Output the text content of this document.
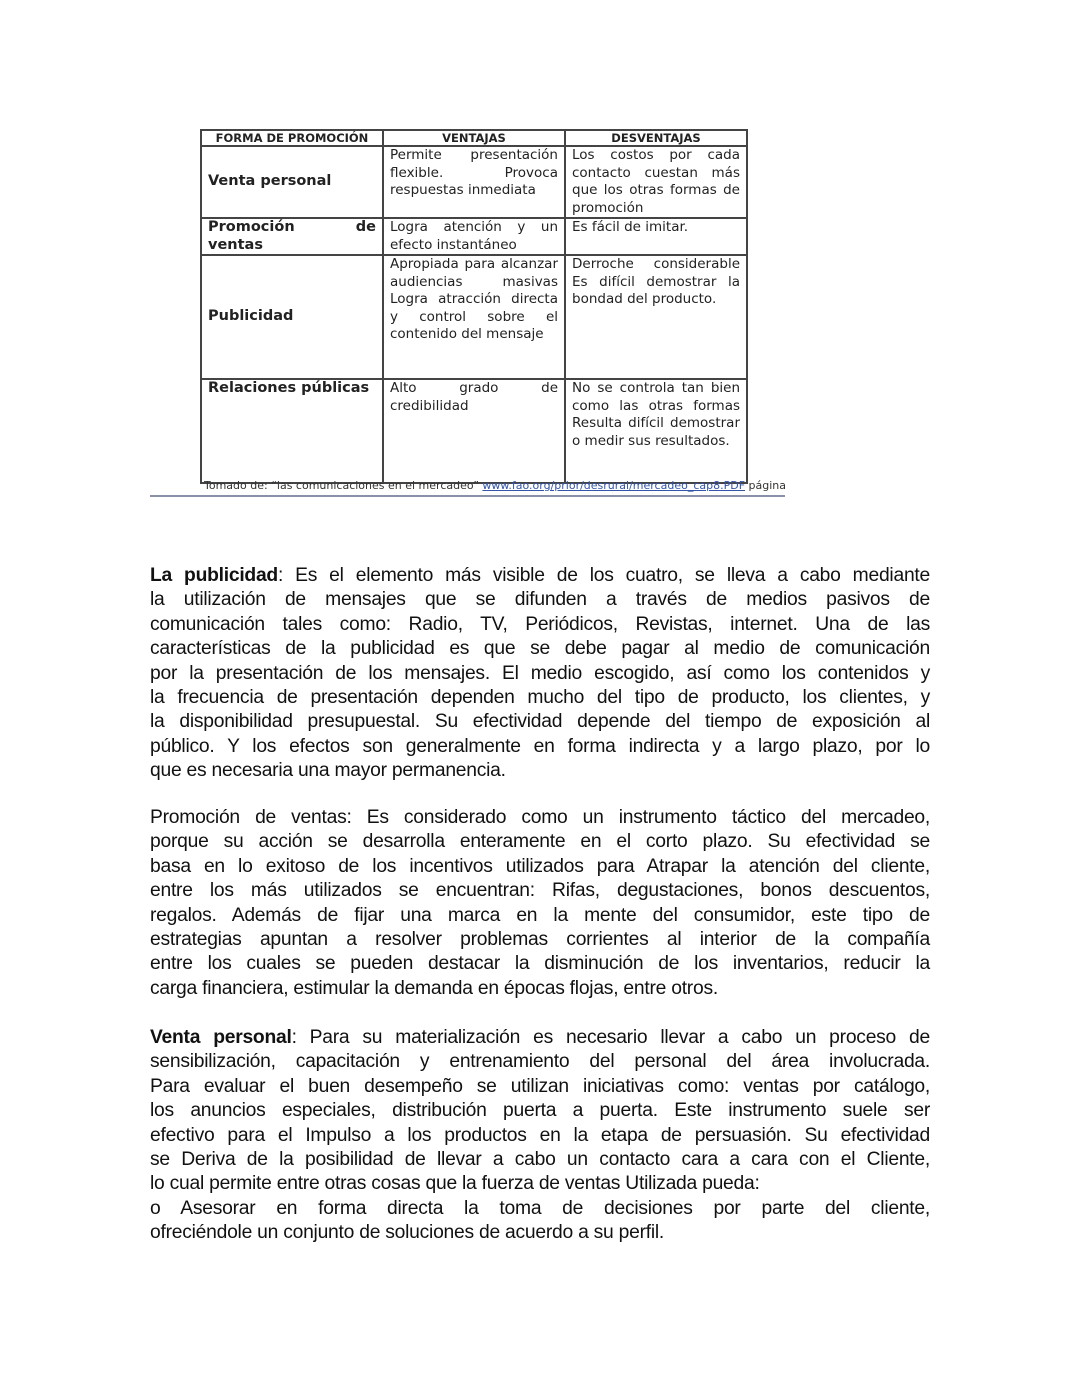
FORMA DE PROMOCIÓN	VENTAJAS	DESVENTAJAS
Venta personal	Permite presentación flexible. Provoca respuestas inmediata	Los costos por cada contacto cuestan más que los otras formas de promoción
Promoción de ventas	Logra atención y un efecto instantáneo	Es fácil de imitar.
Publicidad	Apropiada para alcanzar audiencias masivas Logra atracción directa y control sobre el contenido del mensaje	Derroche considerable Es difícil demostrar la bondad del producto.
Relaciones públicas	Alto grado de credibilidad	No se controla tan bien como las otras formas Resulta difícil demostrar o medir sus resultados.
Tomado de: “las comunicaciones en el mercadeo” www.fao.org/prior/desrural/mercadeo_cap8.PDF página
La publicidad: Es el elemento más visible de los cuatro, se lleva a cabo mediante
la utilización de mensajes que se difunden a través de medios pasivos de
comunicación tales como: Radio, TV, Periódicos, Revistas, internet. Una de las
características de la publicidad es que se debe pagar al medio de comunicación
por la presentación de los mensajes. El medio escogido, así como los contenidos y
la frecuencia de presentación dependen mucho del tipo de producto, los clientes, y
la disponibilidad presupuestal. Su efectividad depende del tiempo de exposición al
público. Y los efectos son generalmente en forma indirecta y a largo plazo, por lo
que es necesaria una mayor permanencia.
Promoción de ventas: Es considerado como un instrumento táctico del mercadeo,
porque su acción se desarrolla enteramente en el corto plazo. Su efectividad se
basa en lo exitoso de los incentivos utilizados para Atrapar la atención del cliente,
entre los más utilizados se encuentran: Rifas, degustaciones, bonos descuentos,
regalos. Además de fijar una marca en la mente del consumidor, este tipo de
estrategias apuntan a resolver problemas corrientes al interior de la compañía
entre los cuales se pueden destacar la disminución de los inventarios, reducir la
carga financiera, estimular la demanda en épocas flojas, entre otros.
Venta personal: Para su materialización es necesario llevar a cabo un proceso de
sensibilización, capacitación y entrenamiento del personal del área involucrada.
Para evaluar el buen desempeño se utilizan iniciativas como: ventas por catálogo,
los anuncios especiales, distribución puerta a puerta. Este instrumento suele ser
efectivo para el Impulso a los productos en la etapa de persuasión. Su efectividad
se Deriva de la posibilidad de llevar a cabo un contacto cara a cara con el Cliente,
lo cual permite entre otras cosas que la fuerza de ventas Utilizada pueda:
o Asesorar en forma directa la toma de decisiones por parte del cliente,
ofreciéndole un conjunto de soluciones de acuerdo a su perfil.
